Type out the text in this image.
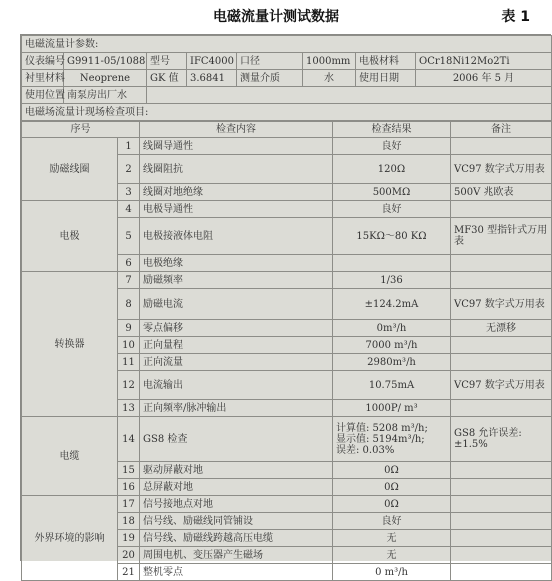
电磁流量计测试数据	表 1
电磁流量计参数:							
仪表编号	G9911-05/1088	型号	IFC4000	口径	1000mm	电极材料	OCr18Ni12Mo2Ti
衬里材料	Neoprene	GK 值	3.6841	测量介质	水	使用日期	2006 年 5 月
使用位置	南泵房出厂水						
电磁场流量计现场检查项目:							
序号		检查内容	检查结果	备注
励磁线圈	1	线圈导通性	良好	
	2	线圈阻抗	120Ω	VC97 数字式万用表
	3	线圈对地绝缘	500MΩ	500V 兆欧表
电极	4	电极导通性	良好	
	5	电极接液体电阻	15KΩ～80 KΩ	MF30 型指针式万用表
	6	电极绝缘		
转换器	7	励磁频率	1/36	
	8	励磁电流	±124.2mA	VC97 数字式万用表
	9	零点偏移	0m³/h	无漂移
	10	正向量程	7000 m³/h	
	11	正向流量	2980m³/h	
	12	电流输出	10.75mA	VC97 数字式万用表
	13	正向频率/脉冲输出	1000P/ m³	
电缆	14	GS8 检查	计算值: 5208 m³/h;
显示值: 5194m³/h;
误差: 0.03%	GS8 允许误差: ±1.5%
	15	驱动屏蔽对地	0Ω	
	16	总屏蔽对地	0Ω	
外界环境的影响	17	信号接地点对地	0Ω	
	18	信号线、励磁线同管铺设	良好	
	19	信号线、励磁线跨越高压电缆	无	
	20	周围电机、变压器产生磁场	无	
	21	整机零点	0 m³/h	
